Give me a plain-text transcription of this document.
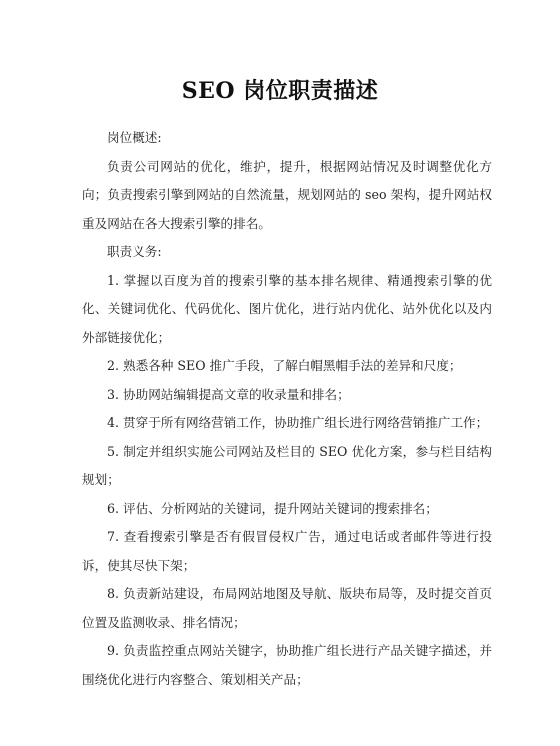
SEO 岗位职责描述

岗位概述:

负责公司网站的优化，维护，提升，根据网站情况及时调整优化方向；负责搜索引擎到网站的自然流量，规划网站的 seo 架构，提升网站权重及网站在各大搜索引擎的排名。

职责义务:

1. 掌握以百度为首的搜索引擎的基本排名规律、精通搜索引擎的优化、关键词优化、代码优化、图片优化，进行站内优化、站外优化以及内外部链接优化；

2. 熟悉各种 SEO 推广手段，了解白帽黑帽手法的差异和尺度；

3. 协助网站编辑提高文章的收录量和排名；

4. 贯穿于所有网络营销工作，协助推广组长进行网络营销推广工作；

5. 制定并组织实施公司网站及栏目的 SEO 优化方案，参与栏目结构规划；

6. 评估、分析网站的关键词，提升网站关键词的搜索排名；

7. 查看搜索引擎是否有假冒侵权广告，通过电话或者邮件等进行投诉，使其尽快下架；

8. 负责新站建设，布局网站地图及导航、版块布局等，及时提交首页位置及监测收录、排名情况；

9. 负责监控重点网站关键字，协助推广组长进行产品关键字描述，并围绕优化进行内容整合、策划相关产品；
